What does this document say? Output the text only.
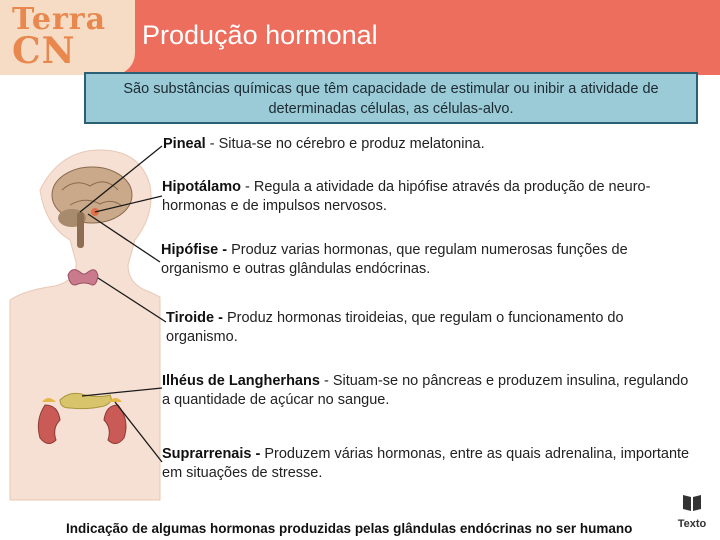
Terra
CN Produção hormonal
São substâncias químicas que têm capacidade de estimular ou inibir a atividade de determinadas células, as células-alvo.
Pineal - Situa-se no cérebro e produz melatonina.
Hipotálamo - Regula a atividade da hipófise através da produção de neuro-hormonas e de impulsos nervosos.
Hipófise - Produz varias hormonas, que regulam numerosas funções de organismo e outras glândulas endócrinas.
Tiroide - Produz hormonas tiroideias, que regulam o funcionamento do organismo.
Ilhéus de Langherhans - Situam-se no pâncreas e produzem insulina, regulando a quantidade de açúcar no sangue.
Suprarrenais - Produzem várias hormonas, entre as quais adrenalina, importante em situações de stresse.
Indicação de algumas hormonas produzidas pelas glândulas endócrinas no ser humano	Texto
